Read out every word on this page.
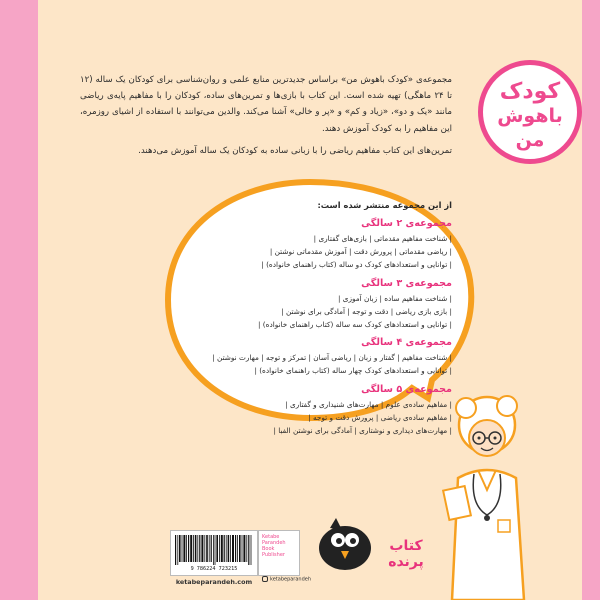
کودک
باهوش
من

مجموعه‌ی «کودک باهوش من» براساس جدیدترین منابع علمی و روان‌شناسی برای کودکان یک ساله (۱۲ تا ۲۴ ماهگی) تهیه شده است. این کتاب با بازی‌ها و تمرین‌های ساده، کودکان را با مفاهیم پایه‌ی ریاضی مانند «یک و دو»، «زیاد و کم» و «پر و خالی» آشنا می‌کند. والدین می‌توانند با استفاده از اشیای روزمره، این مفاهیم را به کودک آموزش دهند.

تمرین‌های این کتاب مفاهیم ریاضی را با زبانی ساده به کودکان یک ساله آموزش می‌دهند.

از این مجموعه منتشر شده است:
مجموعه‌ی ۲ سالگی
| شناخت مفاهیم مقدماتی | بازی‌های گفتاری |
| ریاضی مقدماتی | پرورش دقت | آموزش مقدماتی نوشتن |
| توانایی و استعدادهای کودک دو ساله (کتاب راهنمای خانواده) |
مجموعه‌ی ۳ سالگی
| شناخت مفاهیم ساده | زبان آموزی |
| بازی بازی ریاضی | دقت و توجه | آمادگی برای نوشتن |
| توانایی و استعدادهای کودک سه ساله (کتاب راهنمای خانواده) |
مجموعه‌ی ۴ سالگی
| شناخت مفاهیم | گفتار و زبان | ریاضی آسان | تمرکز و توجه | مهارت نوشتن |
| توانایی و استعدادهای کودک چهار ساله (کتاب راهنمای خانواده) |
مجموعه‌ی ۵ سالگی
| مفاهیم ساده‌ی علوم | مهارت‌های شنیداری و گفتاری |
| مفاهیم ساده‌ی ریاضی | پرورش دقت و توجه |
| مهارت‌های دیداری و نوشتاری | آمادگی برای نوشتن الفبا |
9 786224 723215
Ketabe
Parandeh
Book
Publisher
ketabeparandeh.com	ketabeparandeh
کتاب پرنده
